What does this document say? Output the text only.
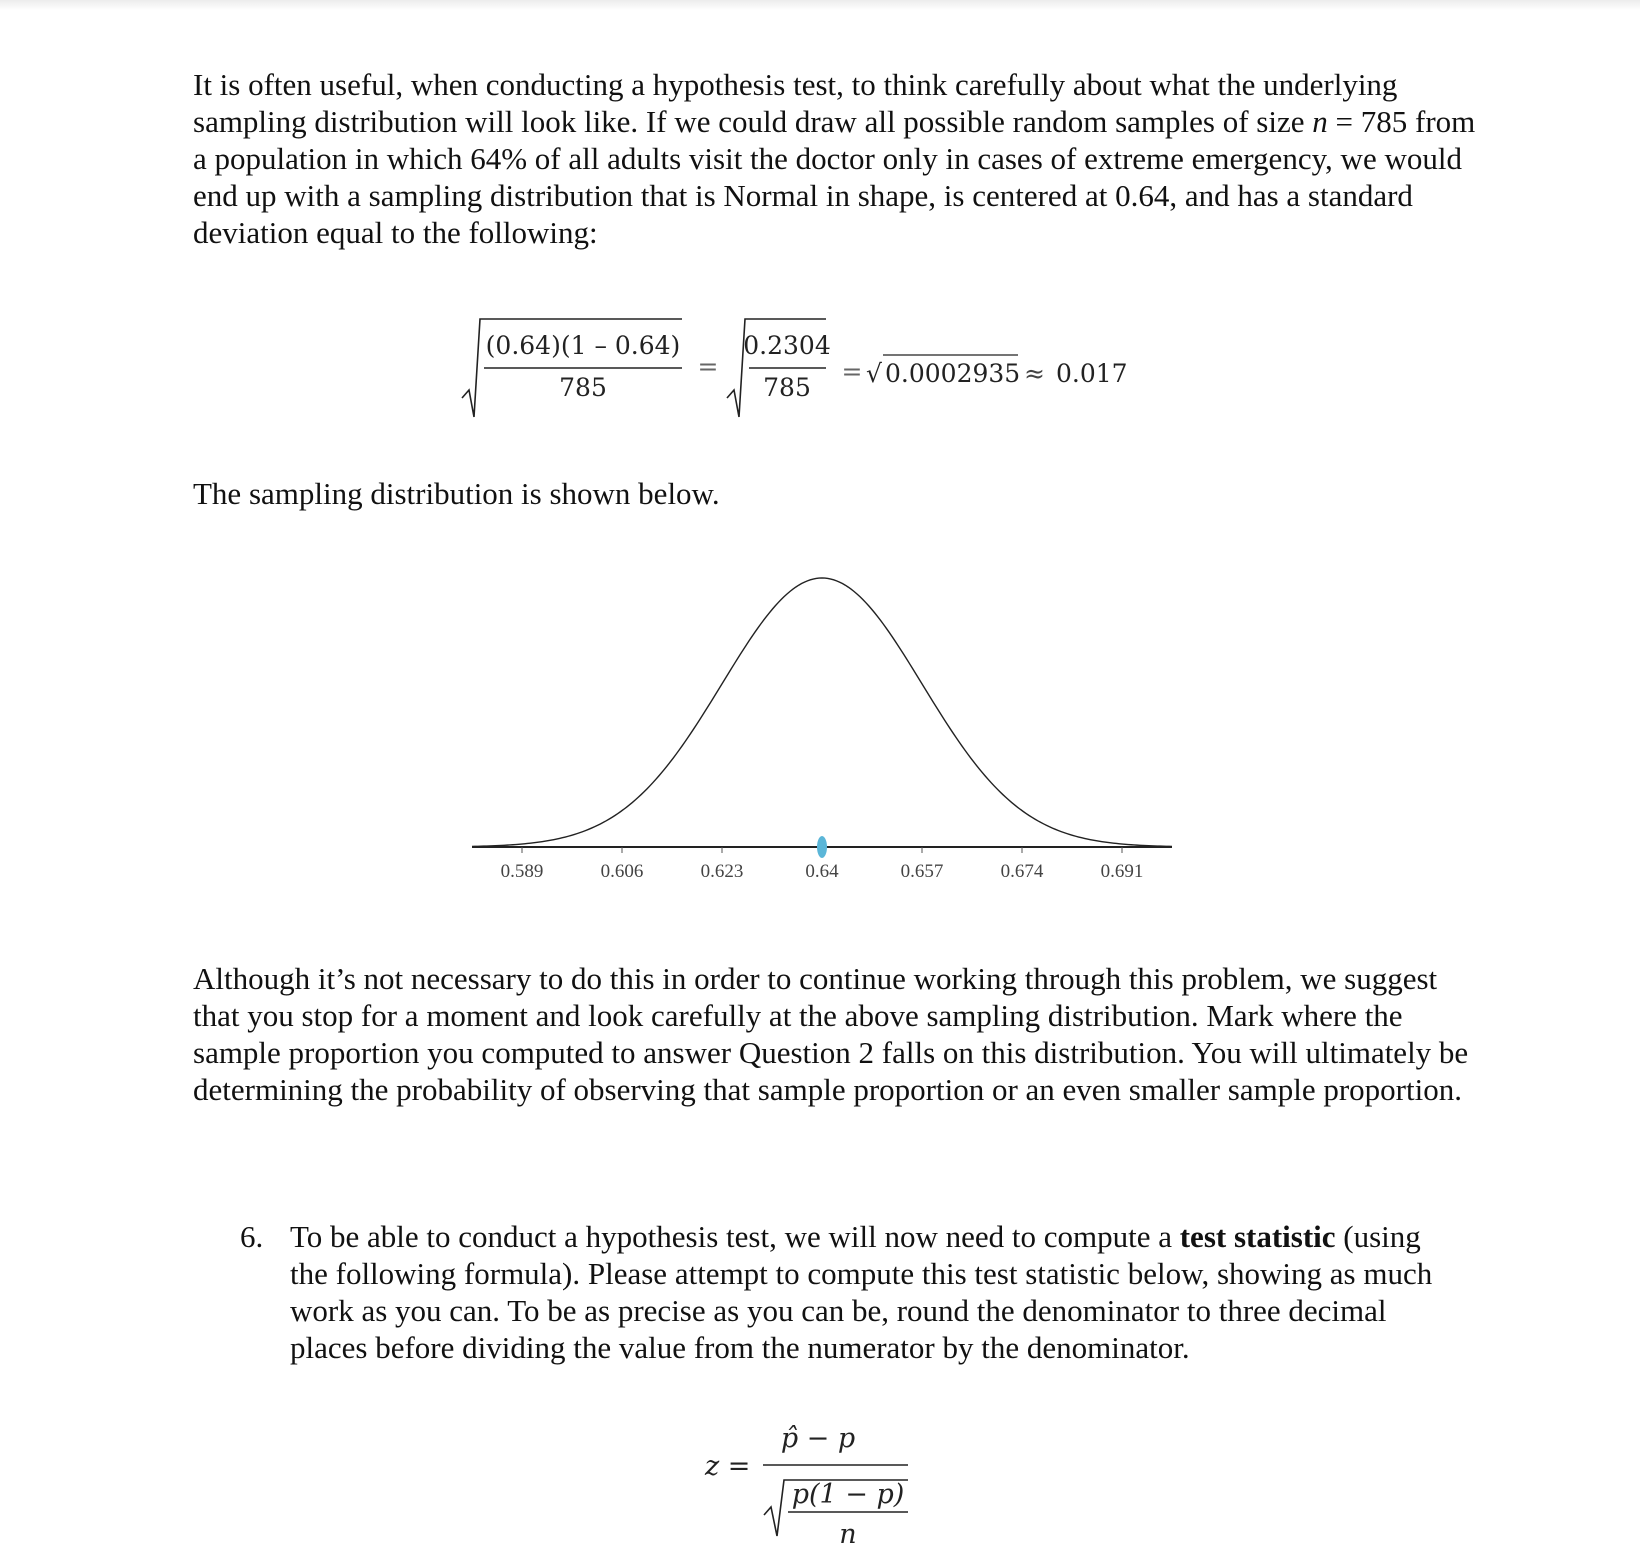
It is often useful, when conducting a hypothesis test, to think carefully about what the underlying sampling distribution will look like. If we could draw all possible random samples of size n = 785 from a population in which 64% of all adults visit the doctor only in cases of extreme emergency, we would end up with a sampling distribution that is Normal in shape, is centered at 0.64, and has a standard deviation equal to the following:

(0.64)(1 – 0.64)
785
=
0.2304
785
= √ 0.0002935 ≈ 0.017

The sampling distribution is shown below.

0.589	0.606	0.623	0.64	0.657	0.674	0.691

Although it’s not necessary to do this in order to continue working through this problem, we suggest that you stop for a moment and look carefully at the above sampling distribution. Mark where the sample proportion you computed to answer Question 2 falls on this distribution. You will ultimately be determining the probability of observing that sample proportion or an even smaller sample proportion.

6. To be able to conduct a hypothesis test, we will now need to compute a test statistic (using the following formula). Please attempt to compute this test statistic below, showing as much work as you can. To be as precise as you can be, round the denominator to three decimal places before dividing the value from the numerator by the denominator.
z =
p̂ − p
p(1 − p)
n
